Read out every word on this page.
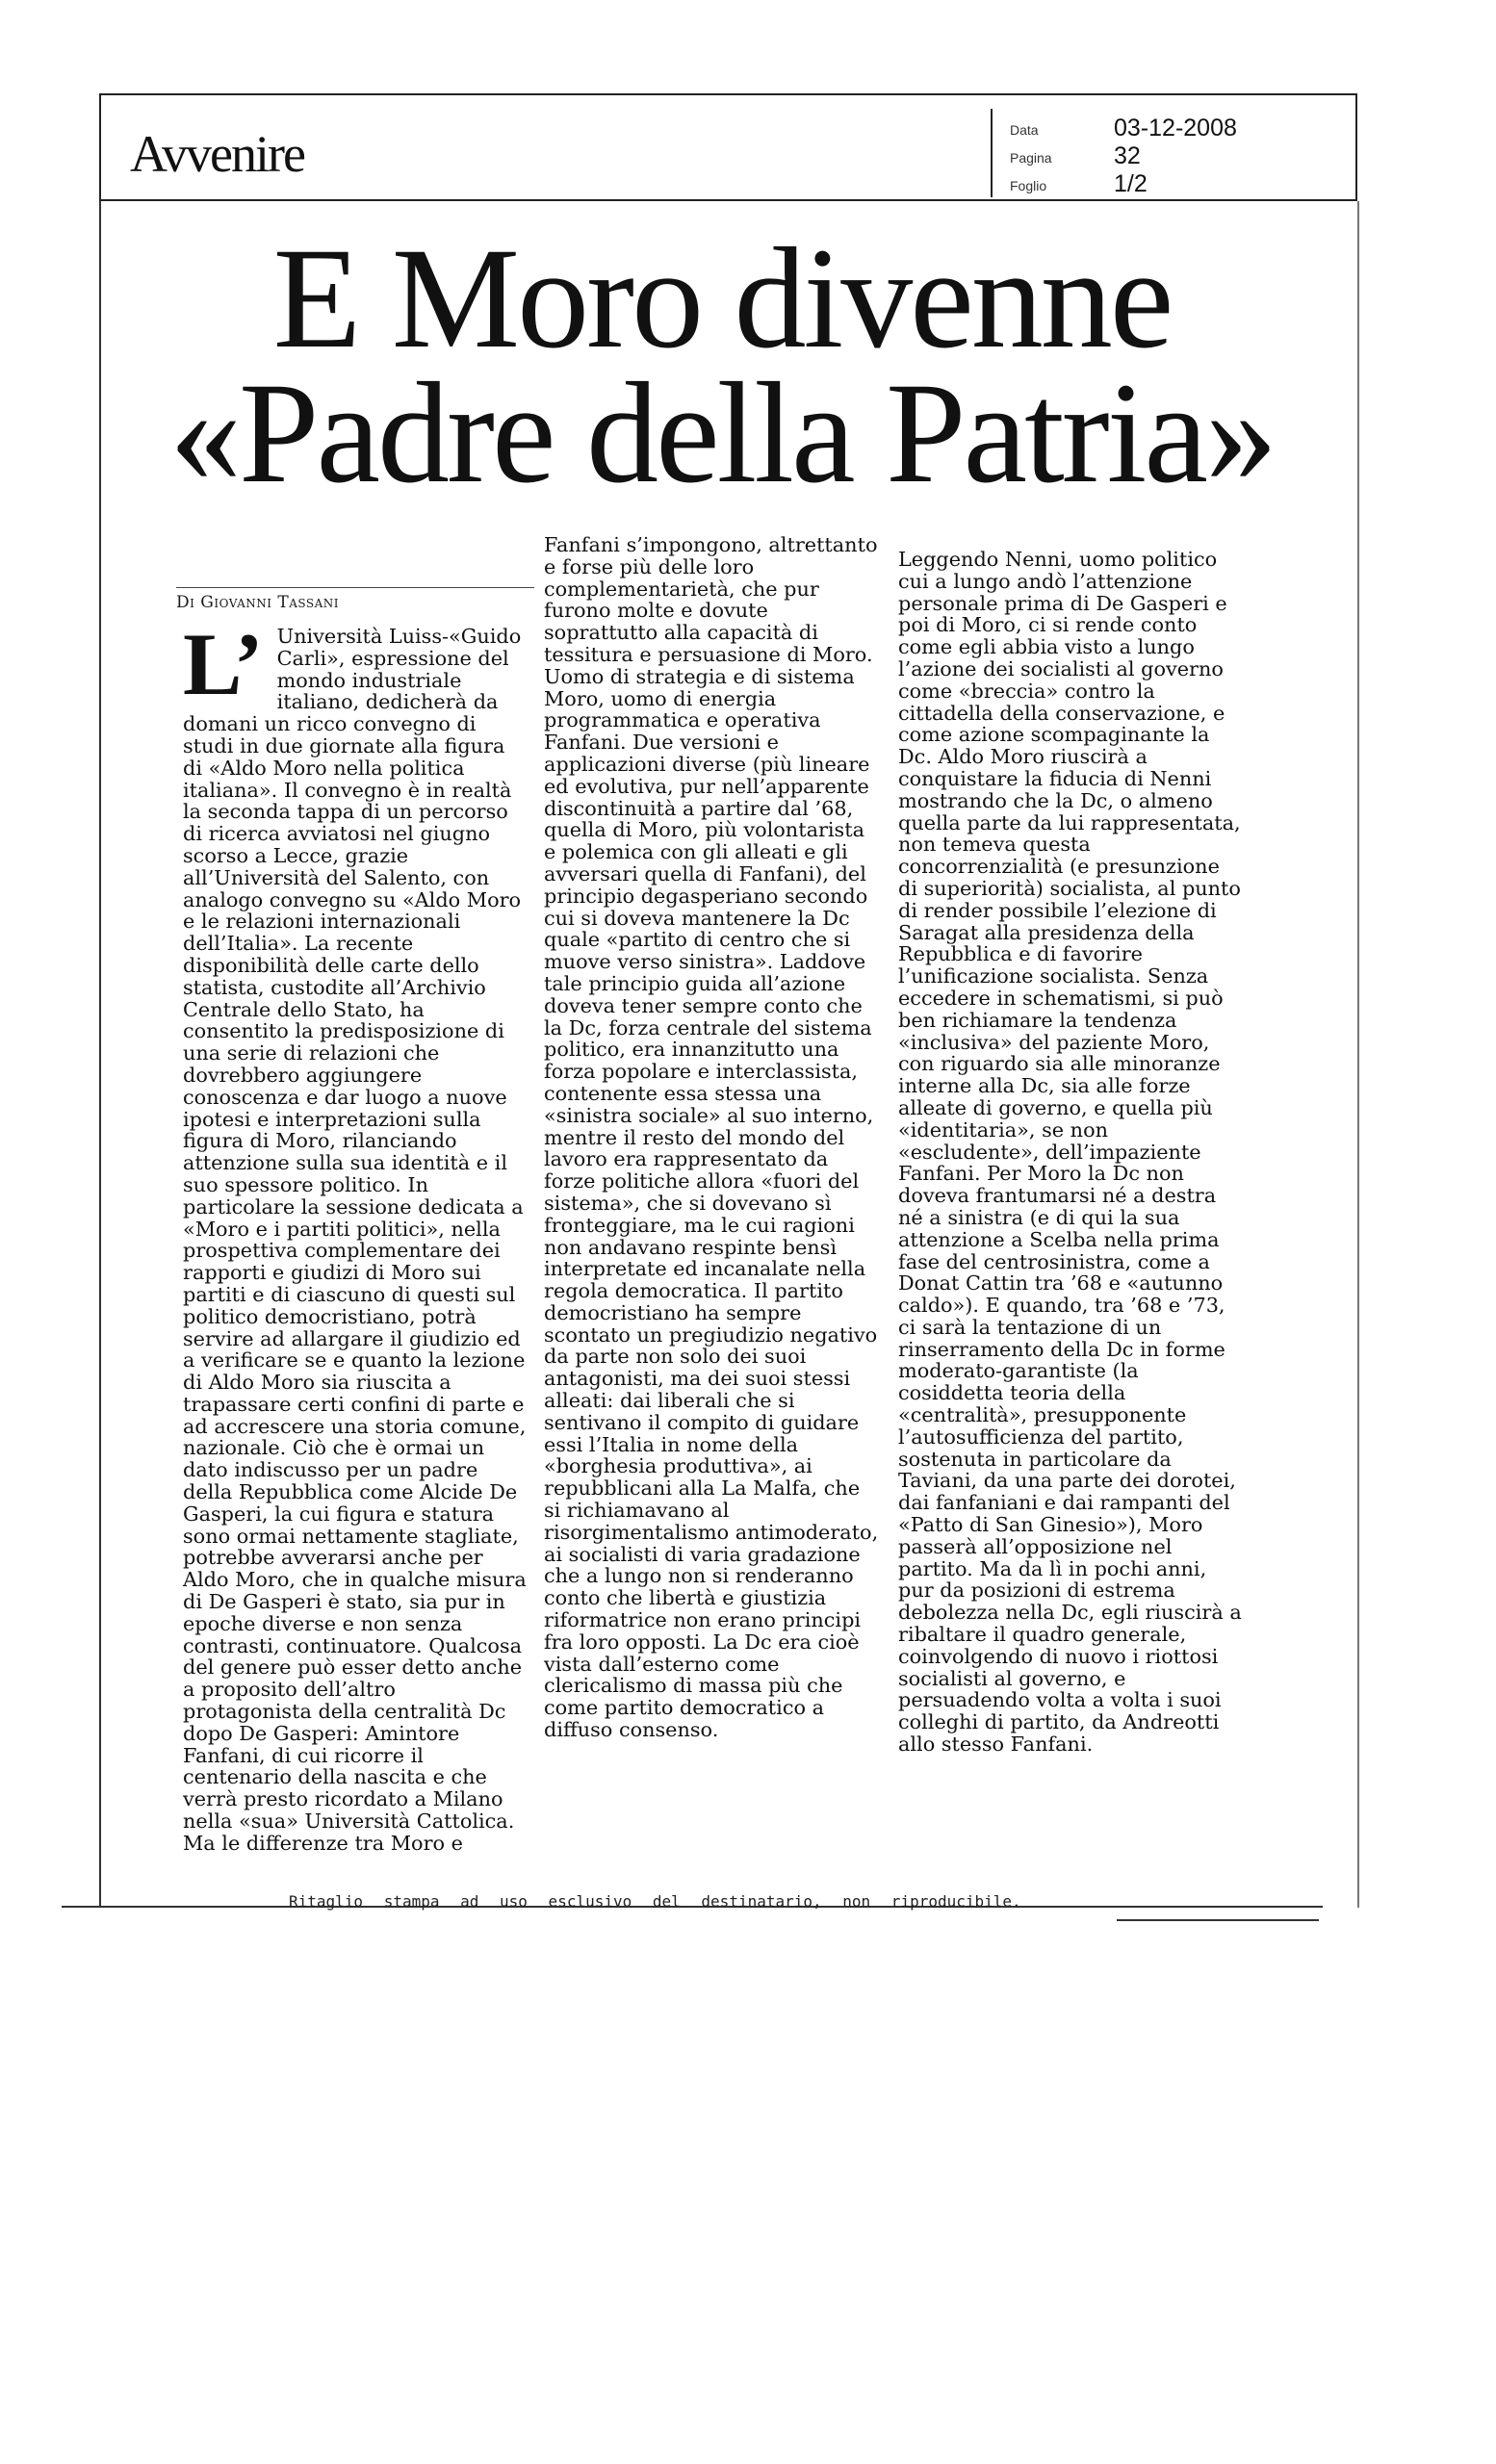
Avvenire	Data	03-12-2008
Pagina	32
Foglio	1/2
E Moro divenne
«Padre della Patria»
Di Giovanni Tassani
L’ Università Luiss-«Guido Carli», espressione del mondo industriale italiano, dedicherà da domani un ricco convegno di studi in due giornate alla figura di «Aldo Moro nella politica italiana». Il convegno è in realtà la seconda tappa di un percorso di ricerca avviatosi nel giugno scorso a Lecce, grazie all’Università del Salento, con analogo convegno su «Aldo Moro e le relazioni internazionali dell’Italia». La recente disponibilità delle carte dello statista, custodite all’Archivio Centrale dello Stato, ha consentito la predisposizione di una serie di relazioni che dovrebbero aggiungere conoscenza e dar luogo a nuove ipotesi e interpretazioni sulla figura di Moro, rilanciando attenzione sulla sua identità e il suo spessore politico. In particolare la sessione dedicata a «Moro e i partiti politici», nella prospettiva complementare dei rapporti e giudizi di Moro sui partiti e di ciascuno di questi sul politico democristiano, potrà servire ad allargare il giudizio ed a verificare se e quanto la lezione di Aldo Moro sia riuscita a trapassare certi confini di parte e ad accrescere una storia comune, nazionale. Ciò che è ormai un dato indiscusso per un padre della Repubblica come Alcide De Gasperi, la cui figura e statura sono ormai nettamente stagliate, potrebbe avverarsi anche per Aldo Moro, che in qualche misura di De Gasperi è stato, sia pur in epoche diverse e non senza contrasti, continuatore. Qualcosa del genere può esser detto anche a proposito dell’altro protagonista della centralità Dc dopo De Gasperi: Amintore Fanfani, di cui ricorre il centenario della nascita e che verrà presto ricordato a Milano nella «sua» Università Cattolica. Ma le differenze tra Moro e

Fanfani s’impongono, altrettanto e forse più delle loro complementarietà, che pur furono molte e dovute soprattutto alla capacità di tessitura e persuasione di Moro. Uomo di strategia e di sistema Moro, uomo di energia programmatica e operativa Fanfani. Due versioni e applicazioni diverse (più lineare ed evolutiva, pur nell’apparente discontinuità a partire dal ’68, quella di Moro, più volontarista e polemica con gli alleati e gli avversari quella di Fanfani), del principio degasperiano secondo cui si doveva mantenere la Dc quale «partito di centro che si muove verso sinistra». Laddove tale principio guida all’azione doveva tener sempre conto che la Dc, forza centrale del sistema politico, era innanzitutto una forza popolare e interclassista, contenente essa stessa una «sinistra sociale» al suo interno, mentre il resto del mondo del lavoro era rappresentato da forze politiche allora «fuori del sistema», che si dovevano sì fronteggiare, ma le cui ragioni non andavano respinte bensì interpretate ed incanalate nella regola democratica. Il partito democristiano ha sempre scontato un pregiudizio negativo da parte non solo dei suoi antagonisti, ma dei suoi stessi alleati: dai liberali che si sentivano il compito di guidare essi l’Italia in nome della «borghesia produttiva», ai repubblicani alla La Malfa, che si richiamavano al risorgimentalismo antimoderato, ai socialisti di varia gradazione che a lungo non si renderanno conto che libertà e giustizia riformatrice non erano principi fra loro opposti. La Dc era cioè vista dall’esterno come clericalismo di massa più che come partito democratico a diffuso consenso.

Leggendo Nenni, uomo politico cui a lungo andò l’attenzione personale prima di De Gasperi e poi di Moro, ci si rende conto come egli abbia visto a lungo l’azione dei socialisti al governo come «breccia» contro la cittadella della conservazione, e come azione scompaginante la Dc. Aldo Moro riuscirà a conquistare la fiducia di Nenni mostrando che la Dc, o almeno quella parte da lui rappresentata, non temeva questa concorrenzialità (e presunzione di superiorità) socialista, al punto di render possibile l’elezione di Saragat alla presidenza della Repubblica e di favorire l’unificazione socialista. Senza eccedere in schematismi, si può ben richiamare la tendenza «inclusiva» del paziente Moro, con riguardo sia alle minoranze interne alla Dc, sia alle forze alleate di governo, e quella più «identitaria», se non «escludente», dell’impaziente Fanfani. Per Moro la Dc non doveva frantumarsi né a destra né a sinistra (e di qui la sua attenzione a Scelba nella prima fase del centrosinistra, come a Donat Cattin tra ’68 e «autunno caldo»). E quando, tra ’68 e ’73, ci sarà la tentazione di un rinserramento della Dc in forme moderato-garantiste (la cosiddetta teoria della «centralità», presupponente l’autosufficienza del partito, sostenuta in particolare da Taviani, da una parte dei dorotei, dai fanfaniani e dai rampanti del «Patto di San Ginesio»), Moro passerà all’opposizione nel partito. Ma da lì in pochi anni, pur da posizioni di estrema debolezza nella Dc, egli riuscirà a ribaltare il quadro generale, coinvolgendo di nuovo i riottosi socialisti al governo, e persuadendo volta a volta i suoi colleghi di partito, da Andreotti allo stesso Fanfani.

Ritaglio stampa ad uso esclusivo del destinatario, non riproducibile.
